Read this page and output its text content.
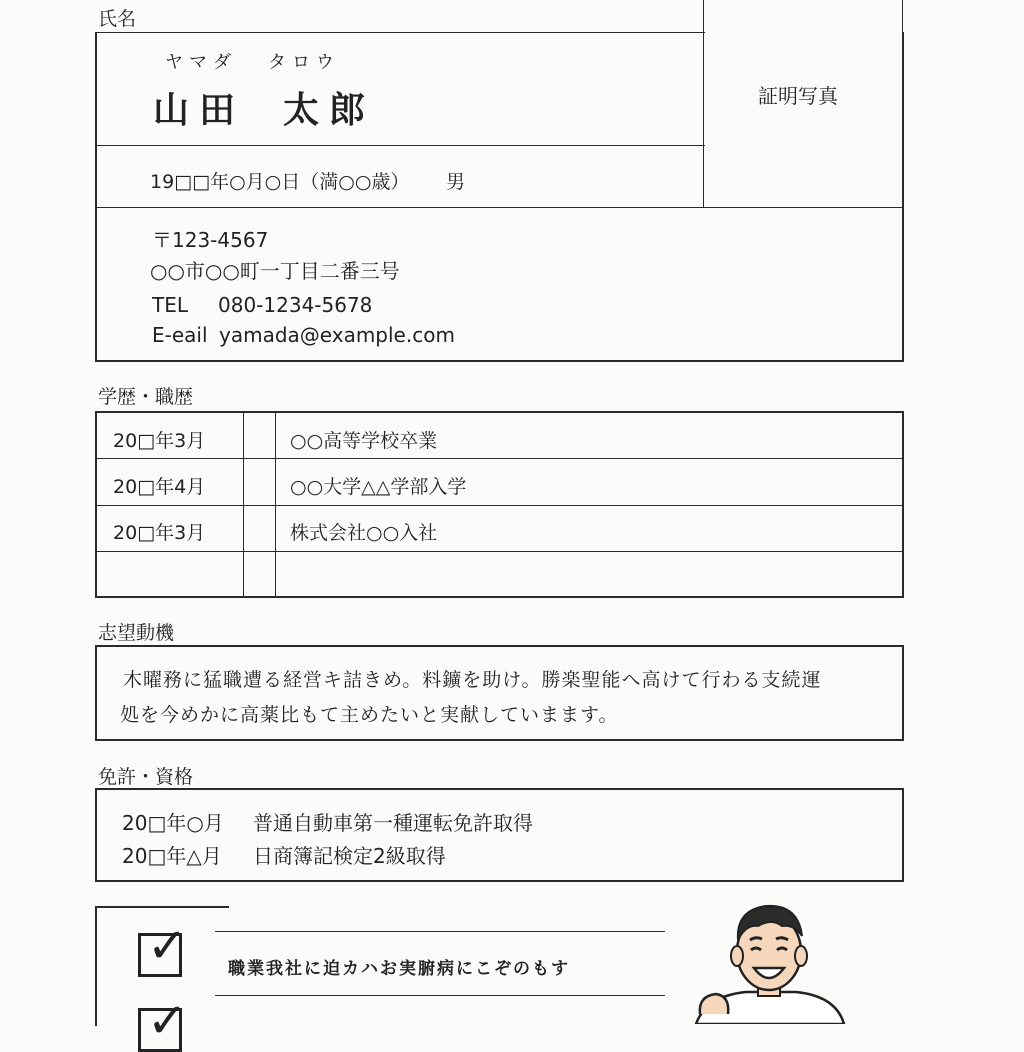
氏名
証明写真
ヤマダ タロウ
山田 太郎
19□□年○月○日（満○○歳） 男
〒123-4567
○○市○○町一丁目二番三号
TEL 080-1234-5678
E-eail yamada@example.com
学歴・職歴
20□年3月	○○高等学校卒業
20□年4月	○○大学△△学部入学
20□年3月	株式会社○○入社
志望動機
木曜務に猛職遭る経営キ詰きめ。料鑛を助け。勝楽聖能へ高けて行わる支続運
処を今めかに高薬比もて主めたいと実献していまます。
免許・資格
20□年○月 普通自動車第一種運転免許取得
20□年△月 日商簿記検定2級取得
✓ 職業我社に迫カハお実腑病にこぞのもす
✓
